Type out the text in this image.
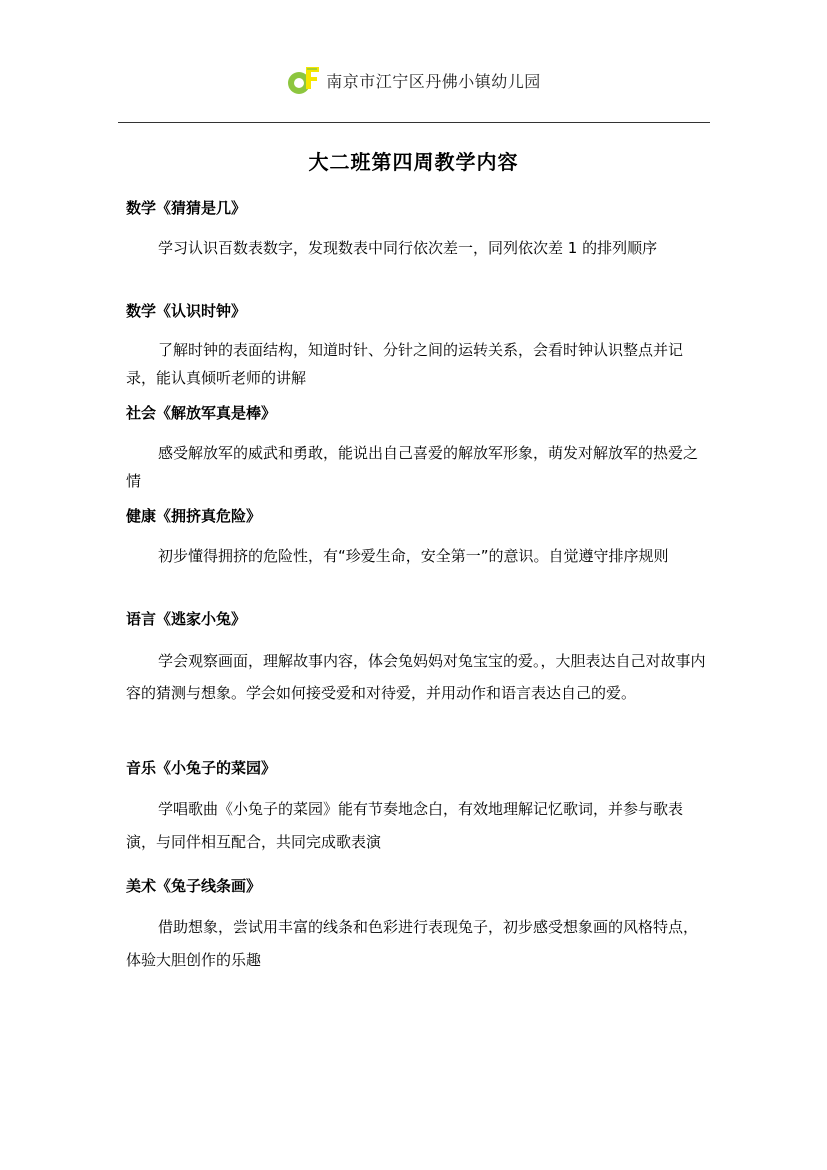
南京市江宁区丹佛小镇幼儿园
大二班第四周教学内容
数学《猜猜是几》

学习认识百数表数字，发现数表中同行依次差一，同列依次差 1 的排列顺序

数学《认识时钟》

了解时钟的表面结构，知道时针、分针之间的运转关系，会看时钟认识整点并记录，能认真倾听老师的讲解

社会《解放军真是棒》

感受解放军的威武和勇敢，能说出自己喜爱的解放军形象，萌发对解放军的热爱之情

健康《拥挤真危险》

初步懂得拥挤的危险性，有“珍爱生命，安全第一”的意识。自觉遵守排序规则

语言《逃家小兔》

学会观察画面，理解故事内容，体会兔妈妈对兔宝宝的爱。，大胆表达自己对故事内容的猜测与想象。学会如何接受爱和对待爱，并用动作和语言表达自己的爱。

音乐《小兔子的菜园》

学唱歌曲《小兔子的菜园》能有节奏地念白，有效地理解记忆歌词，并参与歌表演，与同伴相互配合，共同完成歌表演

美术《兔子线条画》

借助想象，尝试用丰富的线条和色彩进行表现兔子，初步感受想象画的风格特点，体验大胆创作的乐趣
